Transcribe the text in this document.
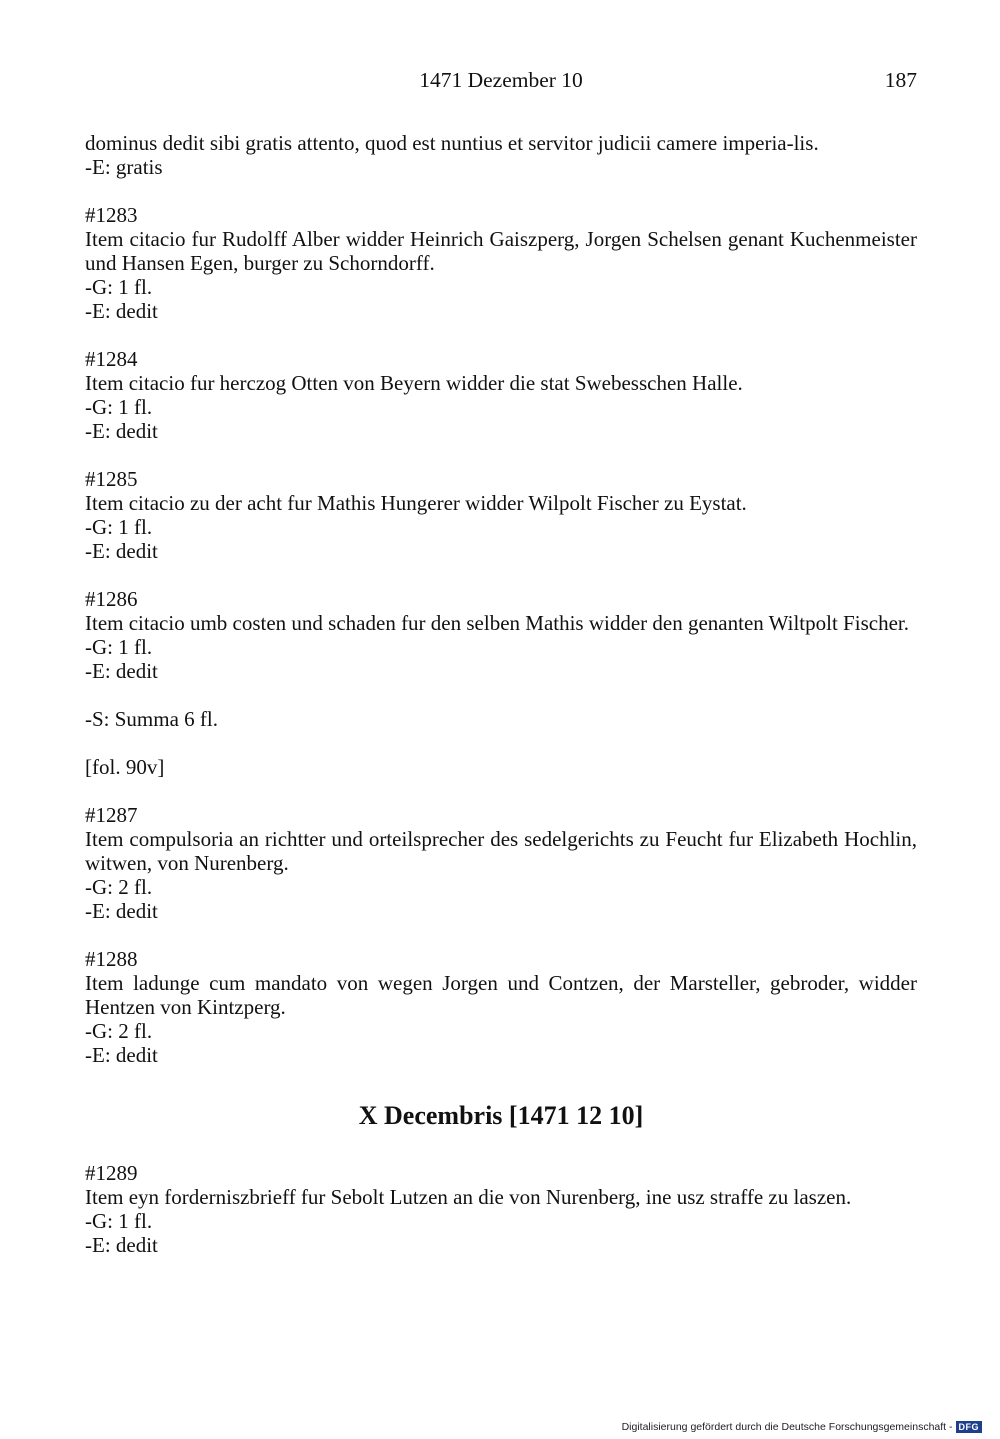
1471 Dezember 10	187

dominus dedit sibi gratis attento, quod est nuntius et servitor judicii camere imperia-lis.

-E: gratis

#1283

Item citacio fur Rudolff Alber widder Heinrich Gaiszperg, Jorgen Schelsen genant Kuchenmeister und Hansen Egen, burger zu Schorndorff.

-G: 1 fl.

-E: dedit

#1284

Item citacio fur herczog Otten von Beyern widder die stat Swebesschen Halle.

-G: 1 fl.

-E: dedit

#1285

Item citacio zu der acht fur Mathis Hungerer widder Wilpolt Fischer zu Eystat.

-G: 1 fl.

-E: dedit

#1286

Item citacio umb costen und schaden fur den selben Mathis widder den genanten Wiltpolt Fischer.

-G: 1 fl.

-E: dedit

-S: Summa 6 fl.

[fol. 90v]

#1287

Item compulsoria an richtter und orteilsprecher des sedelgerichts zu Feucht fur Elizabeth Hochlin, witwen, von Nurenberg.

-G: 2 fl.

-E: dedit

#1288

Item ladunge cum mandato von wegen Jorgen und Contzen, der Marsteller, gebroder, widder Hentzen von Kintzperg.

-G: 2 fl.

-E: dedit

X Decembris [1471 12 10]

#1289

Item eyn forderniszbrieff fur Sebolt Lutzen an die von Nurenberg, ine usz straffe zu laszen.

-G: 1 fl.

-E: dedit

Digitalisierung gefördert durch die Deutsche Forschungsgemeinschaft - DFG
